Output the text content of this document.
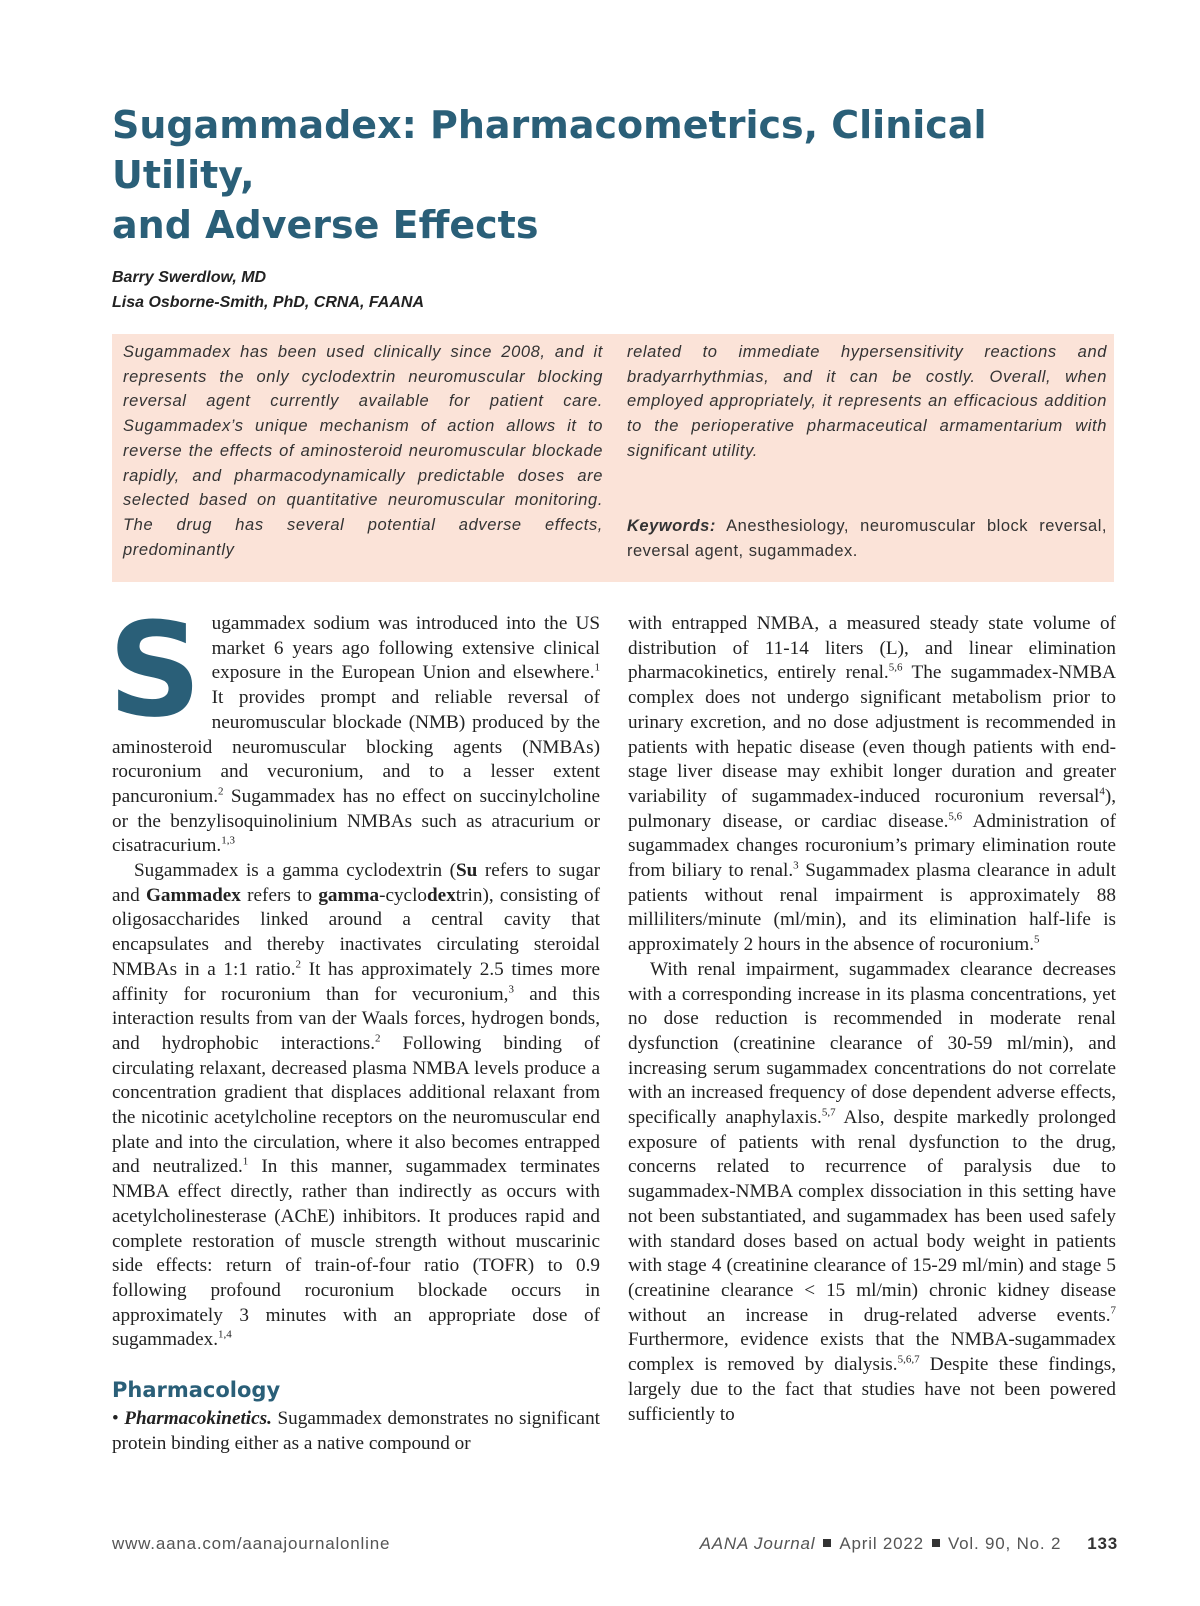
Sugammadex: Pharmacometrics, Clinical Utility,
and Adverse Effects
Barry Swerdlow, MD
Lisa Osborne-Smith, PhD, CRNA, FAANA
Sugammadex has been used clinically since 2008, and it represents the only cyclodextrin neuromuscular blocking reversal agent currently available for patient care. Sugammadex’s unique mechanism of action allows it to reverse the effects of aminosteroid neuromuscular blockade rapidly, and pharmacodynamically predictable doses are selected based on quantitative neuromuscular monitoring. The drug has several potential adverse effects, predominantly
related to immediate hypersensitivity reactions and bradyarrhythmias, and it can be costly. Overall, when employed appropriately, it represents an efficacious addition to the perioperative pharmaceutical armamentarium with significant utility.
Keywords: Anesthesiology, neuromuscular block reversal, reversal agent, sugammadex.

Sugammadex sodium was introduced into the US market 6 years ago following extensive clinical exposure in the European Union and elsewhere.$^1$ It provides prompt and reliable reversal of neuromuscular blockade (NMB) produced by the aminosteroid neuromuscular blocking agents (NMBAs) rocuronium and vecuronium, and to a lesser extent pancuronium.$^2$ Sugammadex has no effect on succinylcholine or the benzylisoquinolinium NMBAs such as atracurium or cisatracurium.$^{1,3}$

Sugammadex is a gamma cyclodextrin (Su refers to sugar and Gammadex refers to gamma-cyclodextrin), consisting of oligosaccharides linked around a central cavity that encapsulates and thereby inactivates circulating steroidal NMBAs in a 1:1 ratio.$^2$ It has approximately 2.5 times more affinity for rocuronium than for vecuronium,$^3$ and this interaction results from van der Waals forces, hydrogen bonds, and hydrophobic interactions.$^2$ Following binding of circulating relaxant, decreased plasma NMBA levels produce a concentration gradient that displaces additional relaxant from the nicotinic acetylcholine receptors on the neuromuscular end plate and into the circulation, where it also becomes entrapped and neutralized.$^1$ In this manner, sugammadex terminates NMBA effect directly, rather than indirectly as occurs with acetylcholinesterase (AChE) inhibitors. It produces rapid and complete restoration of muscle strength without muscarinic side effects: return of train-of-four ratio (TOFR) to 0.9 following profound rocuronium blockade occurs in approximately 3 minutes with an appropriate dose of sugammadex.$^{1,4}$

Pharmacology

• Pharmacokinetics. Sugammadex demonstrates no significant protein binding either as a native compound or

with entrapped NMBA, a measured steady state volume of distribution of 11-14 liters (L), and linear elimination pharmacokinetics, entirely renal.$^{5,6}$ The sugammadex-NMBA complex does not undergo significant metabolism prior to urinary excretion, and no dose adjustment is recommended in patients with hepatic disease (even though patients with end-stage liver disease may exhibit longer duration and greater variability of sugammadex-induced rocuronium reversal$^4$), pulmonary disease, or cardiac disease.$^{5,6}$ Administration of sugammadex changes rocuronium’s primary elimination route from biliary to renal.$^3$ Sugammadex plasma clearance in adult patients without renal impairment is approximately 88 milliliters/minute (ml/min), and its elimination half-life is approximately 2 hours in the absence of rocuronium.$^5$

With renal impairment, sugammadex clearance decreases with a corresponding increase in its plasma concentrations, yet no dose reduction is recommended in moderate renal dysfunction (creatinine clearance of 30-59 ml/min), and increasing serum sugammadex concentrations do not correlate with an increased frequency of dose dependent adverse effects, specifically anaphylaxis.$^{5,7}$ Also, despite markedly prolonged exposure of patients with renal dysfunction to the drug, concerns related to recurrence of paralysis due to sugammadex-NMBA complex dissociation in this setting have not been substantiated, and sugammadex has been used safely with standard doses based on actual body weight in patients with stage 4 (creatinine clearance of 15-29 ml/min) and stage 5 (creatinine clearance < 15 ml/min) chronic kidney disease without an increase in drug-related adverse events.$^7$ Furthermore, evidence exists that the NMBA-sugammadex complex is removed by dialysis.$^{5,6,7}$ Despite these findings, largely due to the fact that studies have not been powered sufficiently to

www.aana.com/aanajournalonline	AANA Journal April 2022 Vol. 90, No. 2 133
